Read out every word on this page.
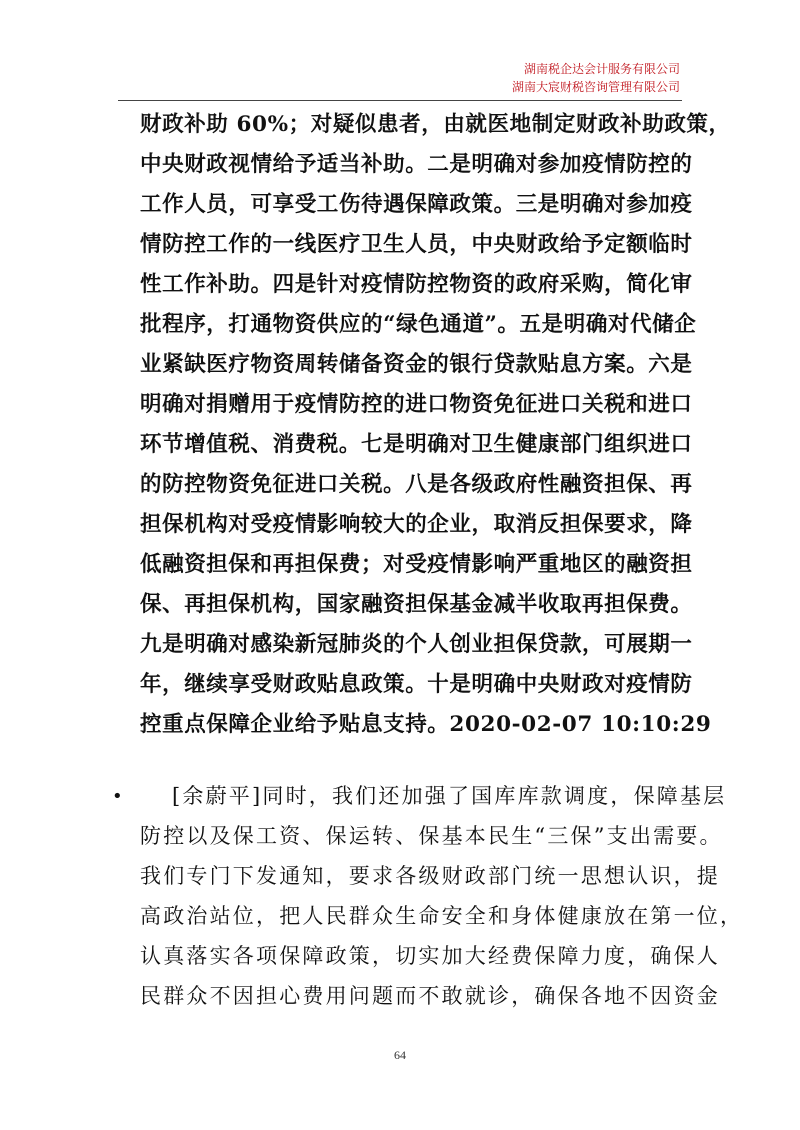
湖南税企达会计服务有限公司
湖南大宸财税咨询管理有限公司
财政补助 60%；对疑似患者，由就医地制定财政补助政策，
中央财政视情给予适当补助。二是明确对参加疫情防控的
工作人员，可享受工伤待遇保障政策。三是明确对参加疫
情防控工作的一线医疗卫生人员，中央财政给予定额临时
性工作补助。四是针对疫情防控物资的政府采购，简化审
批程序，打通物资供应的“绿色通道”。五是明确对代储企
业紧缺医疗物资周转储备资金的银行贷款贴息方案。六是
明确对捐赠用于疫情防控的进口物资免征进口关税和进口
环节增值税、消费税。七是明确对卫生健康部门组织进口
的防控物资免征进口关税。八是各级政府性融资担保、再
担保机构对受疫情影响较大的企业，取消反担保要求，降
低融资担保和再担保费；对受疫情影响严重地区的融资担
保、再担保机构，国家融资担保基金减半收取再担保费。
九是明确对感染新冠肺炎的个人创业担保贷款，可展期一
年，继续享受财政贴息政策。十是明确中央财政对疫情防
控重点保障企业给予贴息支持。2020-02-07 10:10:29
•	[余蔚平]同时，我们还加强了国库库款调度，保障基层
防控以及保工资、保运转、保基本民生“三保”支出需要。
我们专门下发通知，要求各级财政部门统一思想认识，提
高政治站位，把人民群众生命安全和身体健康放在第一位，
认真落实各项保障政策，切实加大经费保障力度，确保人
民群众不因担心费用问题而不敢就诊，确保各地不因资金
64
